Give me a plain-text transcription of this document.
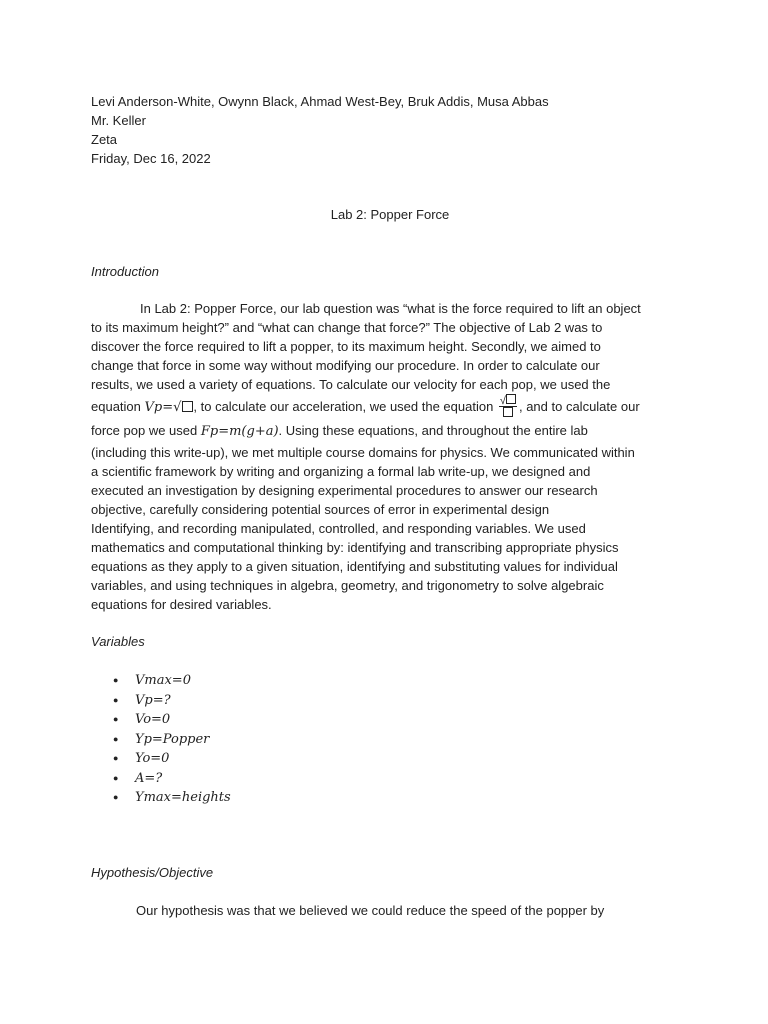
Levi Anderson-White, Owynn Black, Ahmad West-Bey, Bruk Addis, Musa Abbas
Mr. Keller
Zeta
Friday, Dec 16, 2022
Lab 2: Popper Force
Introduction
In Lab 2: Popper Force, our lab question was “what is the force required to lift an object
to its maximum height?” and “what can change that force?” The objective of Lab 2 was to
discover the force required to lift a popper, to its maximum height. Secondly, we aimed to
change that force in some way without modifying our procedure. In order to calculate our
results, we used a variety of equations. To calculate our velocity for each pop, we used the
equation Vp=√ , to calculate our acceleration, we used the equation √	, and to calculate our
force pop we used Fp=m(g+a). Using these equations, and throughout the entire lab
(including this write-up), we met multiple course domains for physics. We communicated within
a scientific framework by writing and organizing a formal lab write-up, we designed and
executed an investigation by designing experimental procedures to answer our research
objective, carefully considering potential sources of error in experimental design
Identifying, and recording manipulated, controlled, and responding variables. We used
mathematics and computational thinking by: identifying and transcribing appropriate physics
equations as they apply to a given situation, identifying and substituting values for individual
variables, and using techniques in algebra, geometry, and trigonometry to solve algebraic
equations for desired variables.
Variables
● Vmax=0
● Vp=?
● Vo=0
● Yp=Popper
● Yo=0
● A=?
● Ymax=heights
Hypothesis/Objective
Our hypothesis was that we believed we could reduce the speed of the popper by
